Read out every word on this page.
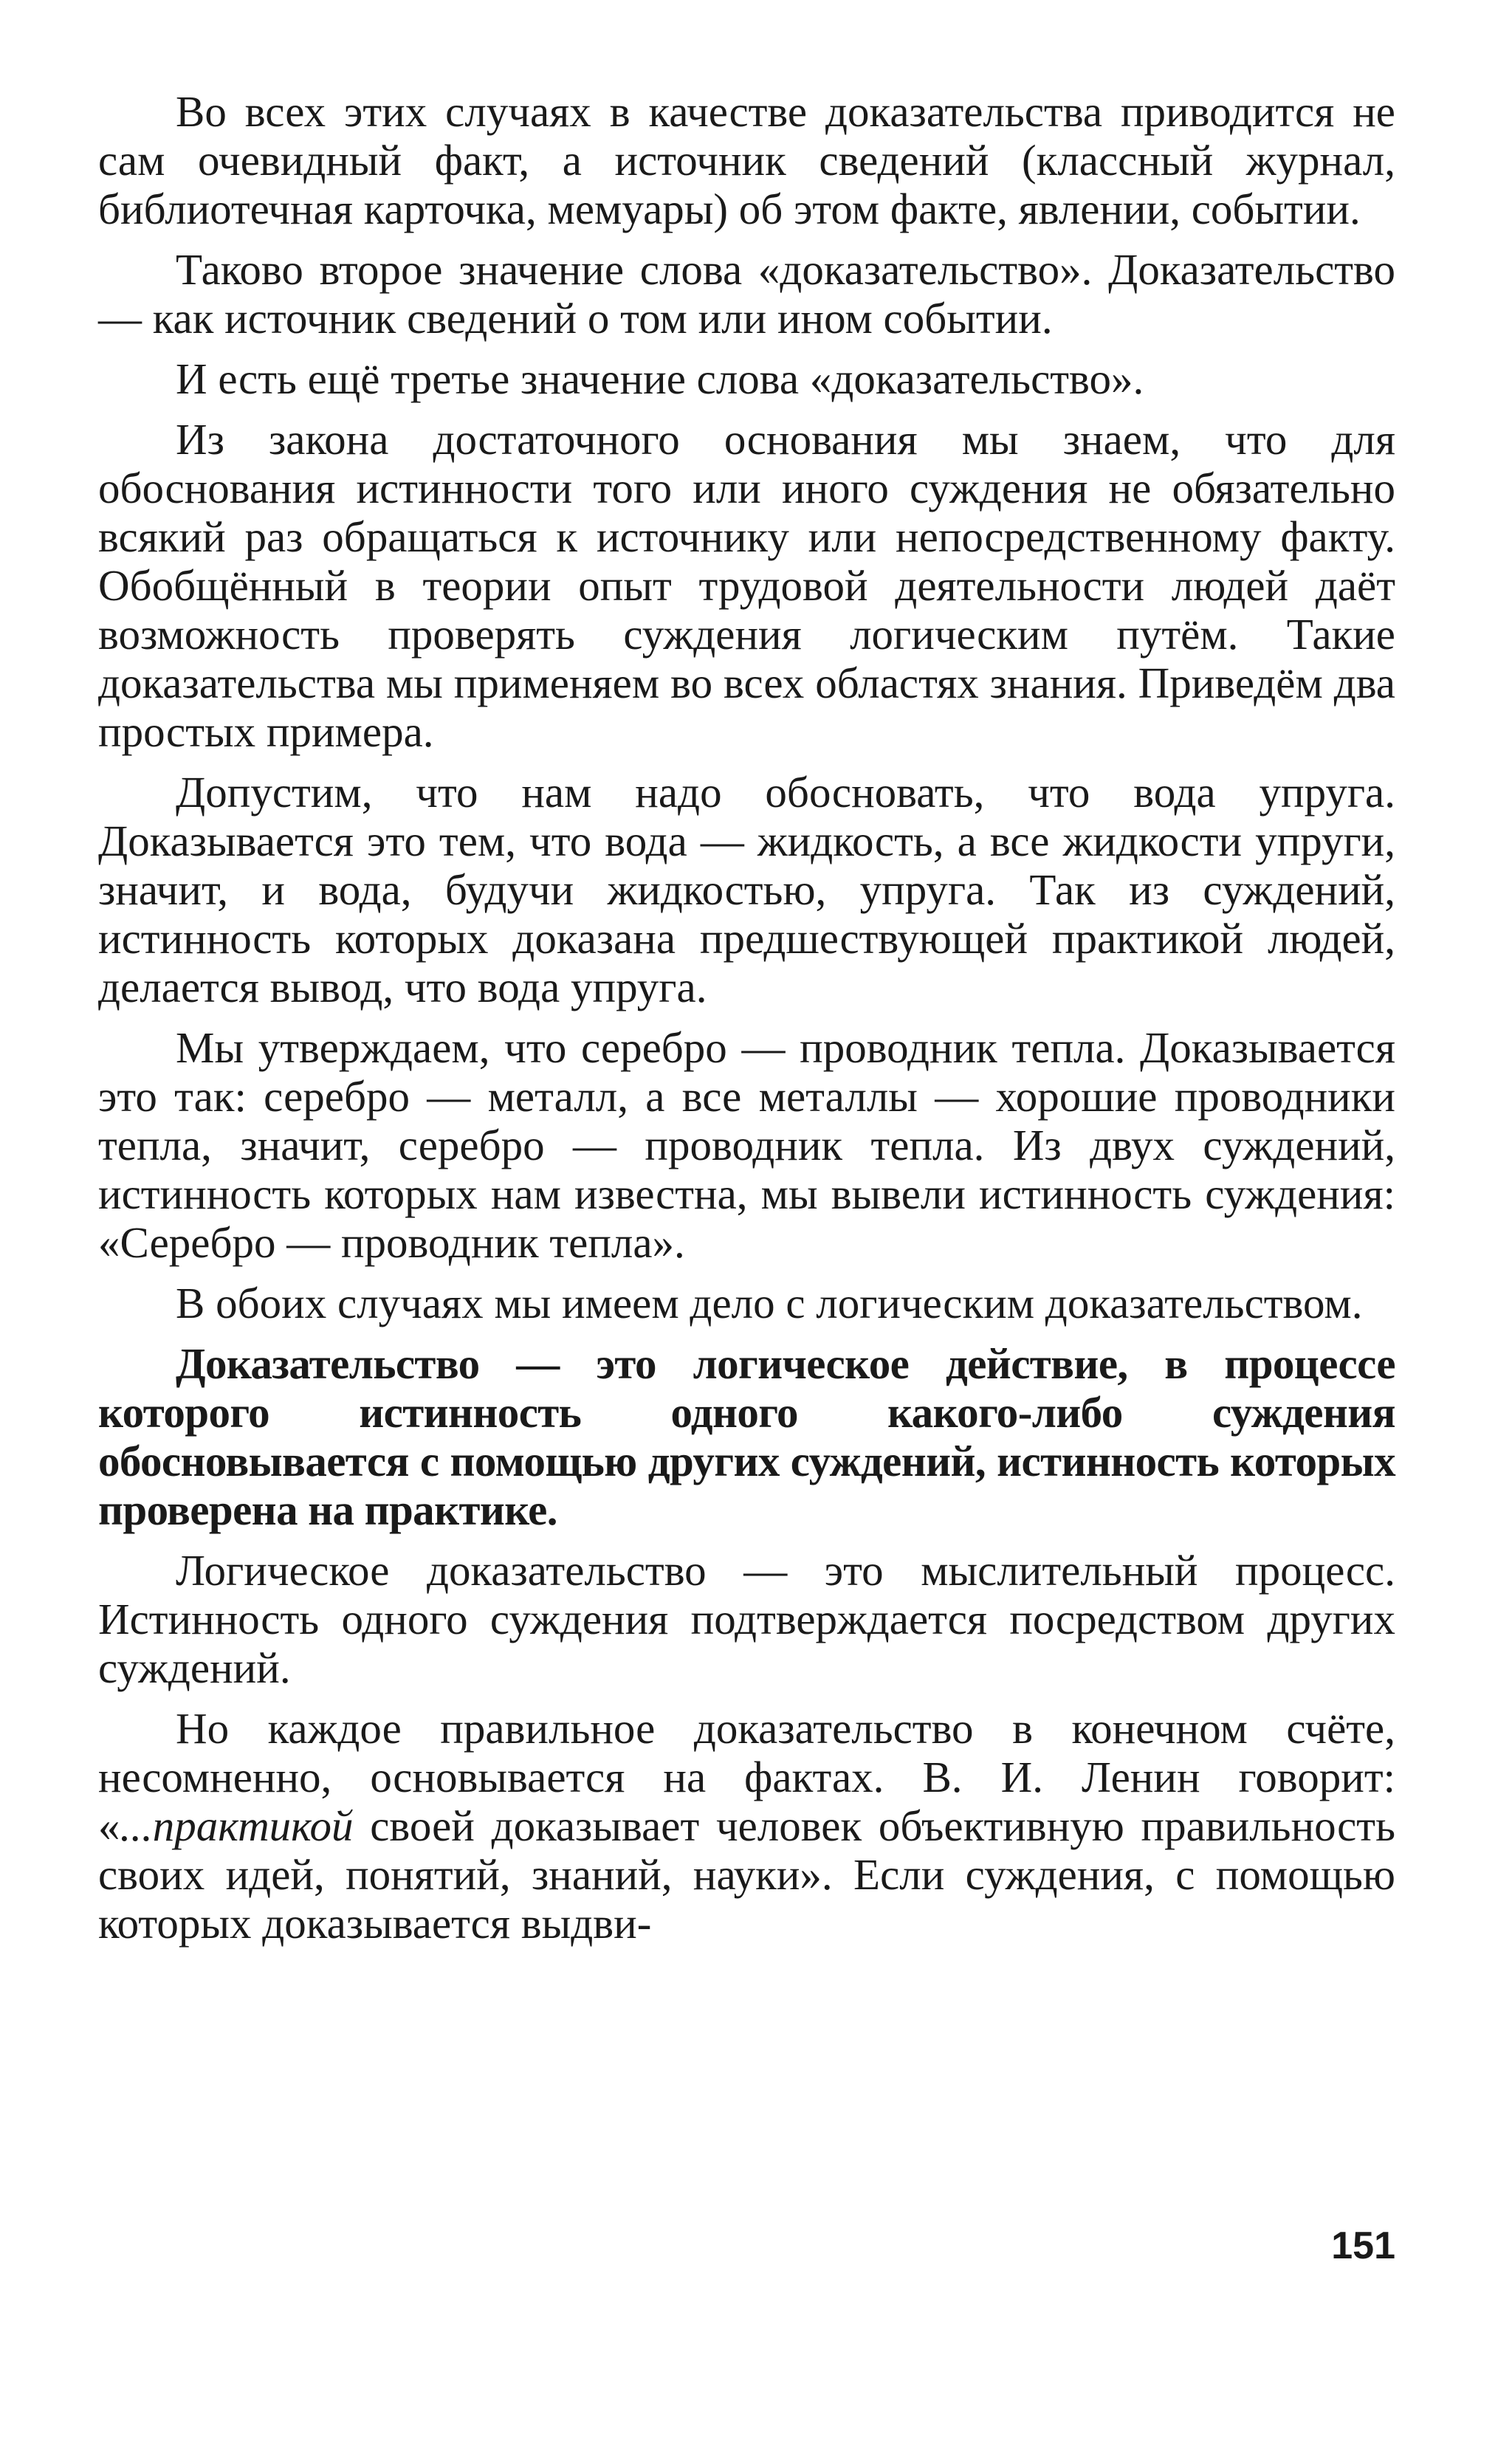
Во всех этих случаях в качестве доказательства приводится не сам очевидный факт, а источник сведений (классный журнал, библиотечная карточка, мемуары) об этом факте, явлении, событии.

Таково второе значение слова «доказательство». Доказательство — как источник сведений о том или ином событии.

И есть ещё третье значение слова «доказательство».

Из закона достаточного основания мы знаем, что для обоснования истинности того или иного суждения не обязательно всякий раз обращаться к источнику или непосредственному факту. Обобщённый в теории опыт трудовой деятельности людей даёт возможность проверять суждения логическим путём. Такие доказательства мы применяем во всех областях знания. Приведём два простых примера.

Допустим, что нам надо обосновать, что вода упруга. Доказывается это тем, что вода — жидкость, а все жидкости упруги, значит, и вода, будучи жидкостью, упруга. Так из суждений, истинность которых доказана предшествующей практикой людей, делается вывод, что вода упруга.

Мы утверждаем, что серебро — проводник тепла. Доказывается это так: серебро — металл, а все металлы — хорошие проводники тепла, значит, серебро — проводник тепла. Из двух суждений, истинность которых нам известна, мы вывели истинность суждения: «Серебро — проводник тепла».

В обоих случаях мы имеем дело с логическим доказательством.

Доказательство — это логическое действие, в процессе которого истинность одного какого-либо суждения обосновывается с помощью других суждений, истинность которых проверена на практике.

Логическое доказательство — это мыслительный процесс. Истинность одного суждения подтверждается посредством других суждений.

Но каждое правильное доказательство в конечном счёте, несомненно, основывается на фактах. В. И. Ленин говорит: «...практикой своей доказывает человек объективную правильность своих идей, понятий, знаний, науки». Если суждения, с помощью которых доказывается выдви-

151
